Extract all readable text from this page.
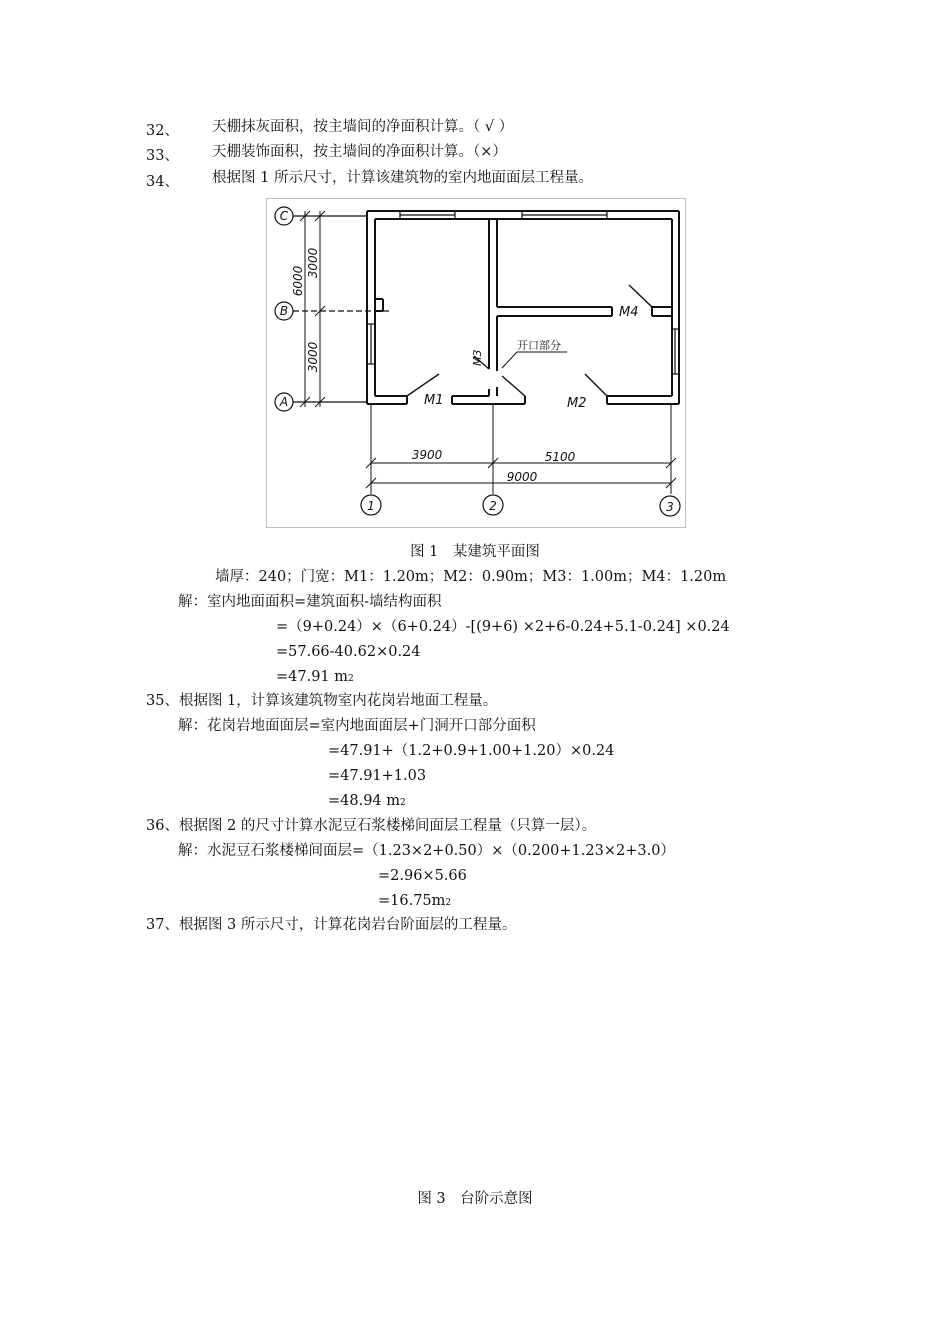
32、 天棚抹灰面积，按主墙间的净面积计算。（ √ ）
33、 天棚装饰面积，按主墙间的净面积计算。（×）
34、 根据图 1 所示尺寸，计算该建筑物的室内地面面层工程量。
M1	M2
M4
M3
开口部分
C
B
A
6000
3000
3000
3900	5100
9000
1	2	3
图 1　某建筑平面图
墙厚：240；门宽：M1：1.20m；M2：0.90m；M3：1.00m；M4：1.20m
解：室内地面面积=建筑面积-墙结构面积
=（9+0.24）×（6+0.24）-[(9+6) ×2+6-0.24+5.1-0.24] ×0.24
=57.66-40.62×0.24
=47.91 m2
35、根据图 1，计算该建筑物室内花岗岩地面工程量。
解：花岗岩地面面层=室内地面面层+门洞开口部分面积
=47.91+（1.2+0.9+1.00+1.20）×0.24
=47.91+1.03
=48.94 m2
36、根据图 2 的尺寸计算水泥豆石浆楼梯间面层工程量（只算一层）。
解：水泥豆石浆楼梯间面层=（1.23×2+0.50）×（0.200+1.23×2+3.0）
=2.96×5.66
=16.75m2
37、根据图 3 所示尺寸，计算花岗岩台阶面层的工程量。
图 3　台阶示意图
